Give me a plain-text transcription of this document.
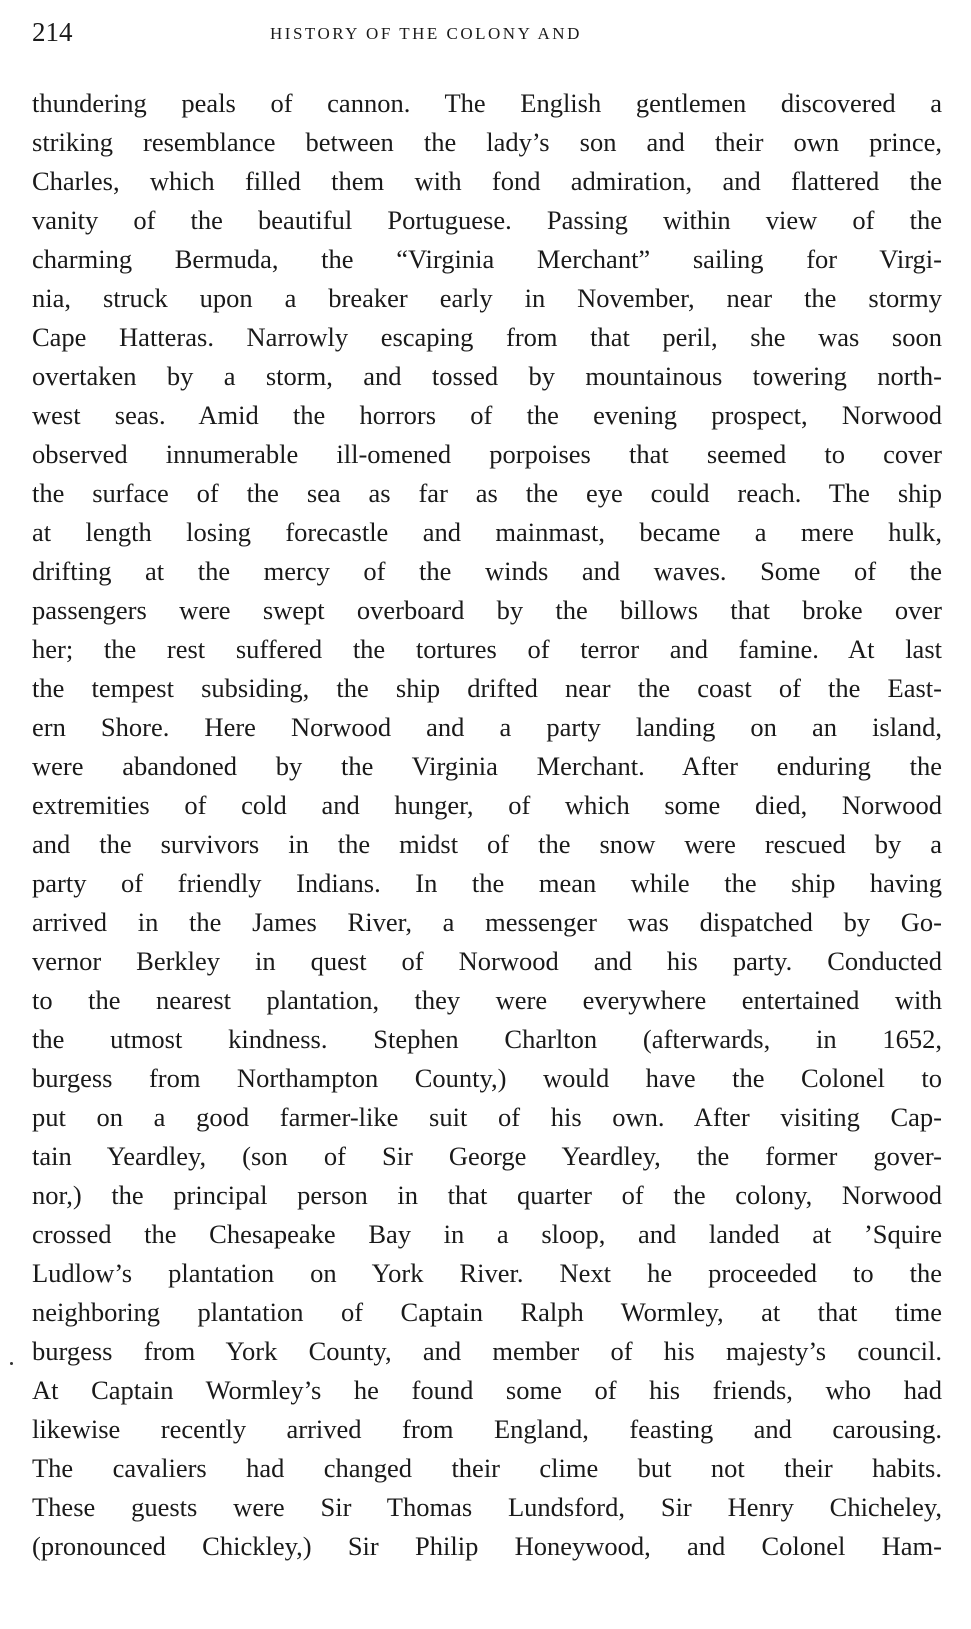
214	HISTORY OF THE COLONY AND
thundering peals of cannon. The English gentlemen discovered a
striking resemblance between the lady’s son and their own prince,
Charles, which filled them with fond admiration, and flattered the
vanity of the beautiful Portuguese. Passing within view of the
charming Bermuda, the “Virginia Merchant” sailing for Virgi-
nia, struck upon a breaker early in November, near the stormy
Cape Hatteras. Narrowly escaping from that peril, she was soon
overtaken by a storm, and tossed by mountainous towering north-
west seas. Amid the horrors of the evening prospect, Norwood
observed innumerable ill-omened porpoises that seemed to cover
the surface of the sea as far as the eye could reach. The ship
at length losing forecastle and mainmast, became a mere hulk,
drifting at the mercy of the winds and waves. Some of the
passengers were swept overboard by the billows that broke over
her; the rest suffered the tortures of terror and famine. At last
the tempest subsiding, the ship drifted near the coast of the East-
ern Shore. Here Norwood and a party landing on an island,
were abandoned by the Virginia Merchant. After enduring the
extremities of cold and hunger, of which some died, Norwood
and the survivors in the midst of the snow were rescued by a
party of friendly Indians. In the mean while the ship having
arrived in the James River, a messenger was dispatched by Go-
vernor Berkley in quest of Norwood and his party. Conducted
to the nearest plantation, they were everywhere entertained with
the utmost kindness. Stephen Charlton (afterwards, in 1652,
burgess from Northampton County,) would have the Colonel to
put on a good farmer-like suit of his own. After visiting Cap-
tain Yeardley, (son of Sir George Yeardley, the former gover-
nor,) the principal person in that quarter of the colony, Norwood
crossed the Chesapeake Bay in a sloop, and landed at ’Squire
Ludlow’s plantation on York River. Next he proceeded to the
neighboring plantation of Captain Ralph Wormley, at that time
burgess from York County, and member of his majesty’s council.
At Captain Wormley’s he found some of his friends, who had
likewise recently arrived from England, feasting and carousing.
The cavaliers had changed their clime but not their habits.
These guests were Sir Thomas Lundsford, Sir Henry Chicheley,
(pronounced Chickley,) Sir Philip Honeywood, and Colonel Ham-
